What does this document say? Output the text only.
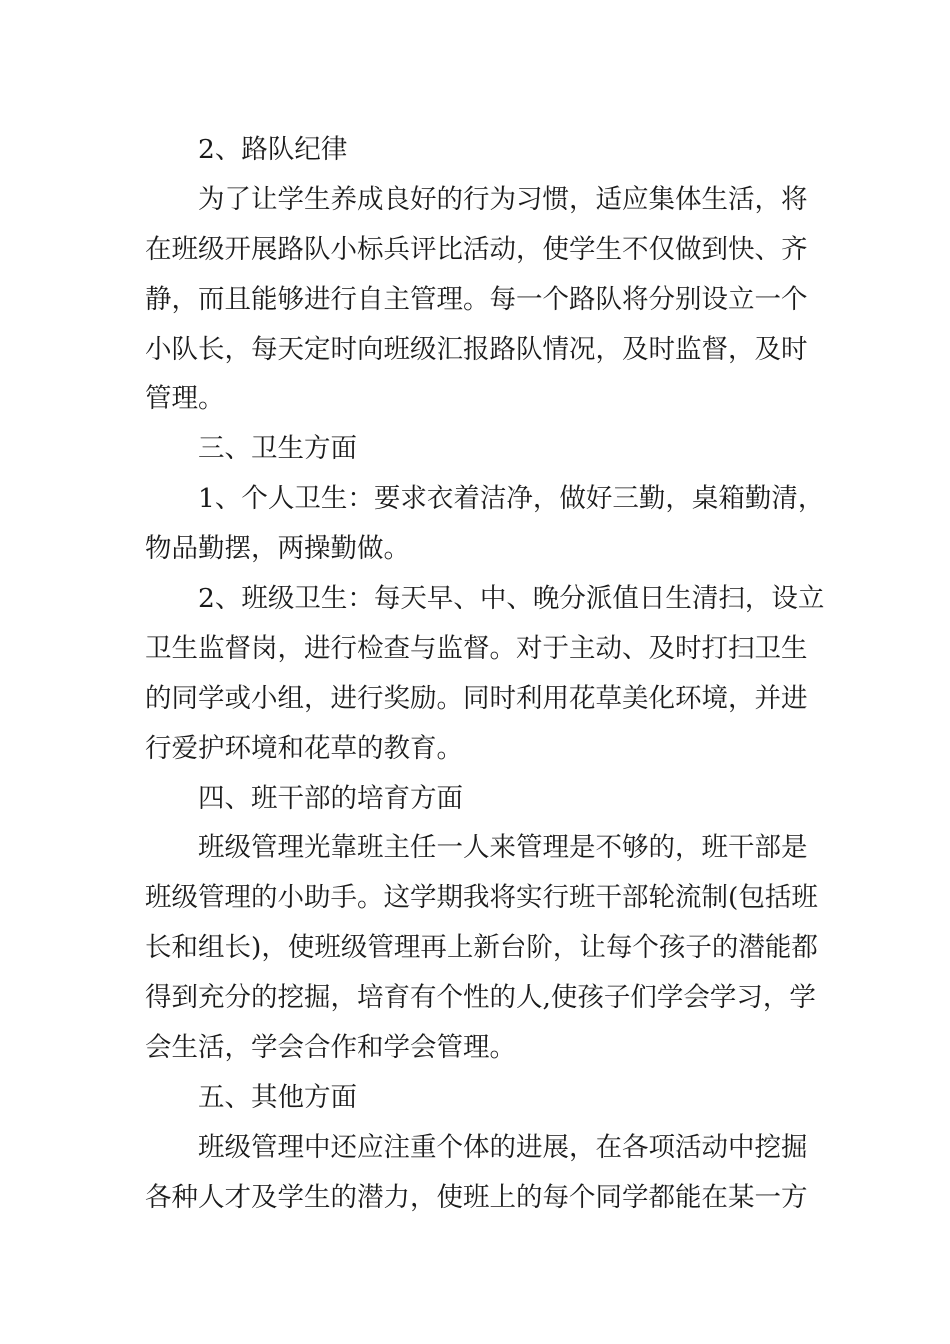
2、路队纪律
为了让学生养成良好的行为习惯，适应集体生活，将
在班级开展路队小标兵评比活动，使学生不仅做到快、齐
静，而且能够进行自主管理。每一个路队将分别设立一个
小队长，每天定时向班级汇报路队情况，及时监督，及时
管理。
三、卫生方面
1、个人卫生：要求衣着洁净，做好三勤，桌箱勤清，
物品勤摆，两操勤做。
2、班级卫生：每天早、中、晚分派值日生清扫，设立
卫生监督岗，进行检查与监督。对于主动、及时打扫卫生
的同学或小组，进行奖励。同时利用花草美化环境，并进
行爱护环境和花草的教育。
四、班干部的培育方面
班级管理光靠班主任一人来管理是不够的，班干部是
班级管理的小助手。这学期我将实行班干部轮流制(包括班
长和组长)，使班级管理再上新台阶，让每个孩子的潜能都
得到充分的挖掘，培育有个性的人,使孩子们学会学习，学
会生活，学会合作和学会管理。
五、其他方面
班级管理中还应注重个体的进展，在各项活动中挖掘
各种人才及学生的潜力，使班上的每个同学都能在某一方
